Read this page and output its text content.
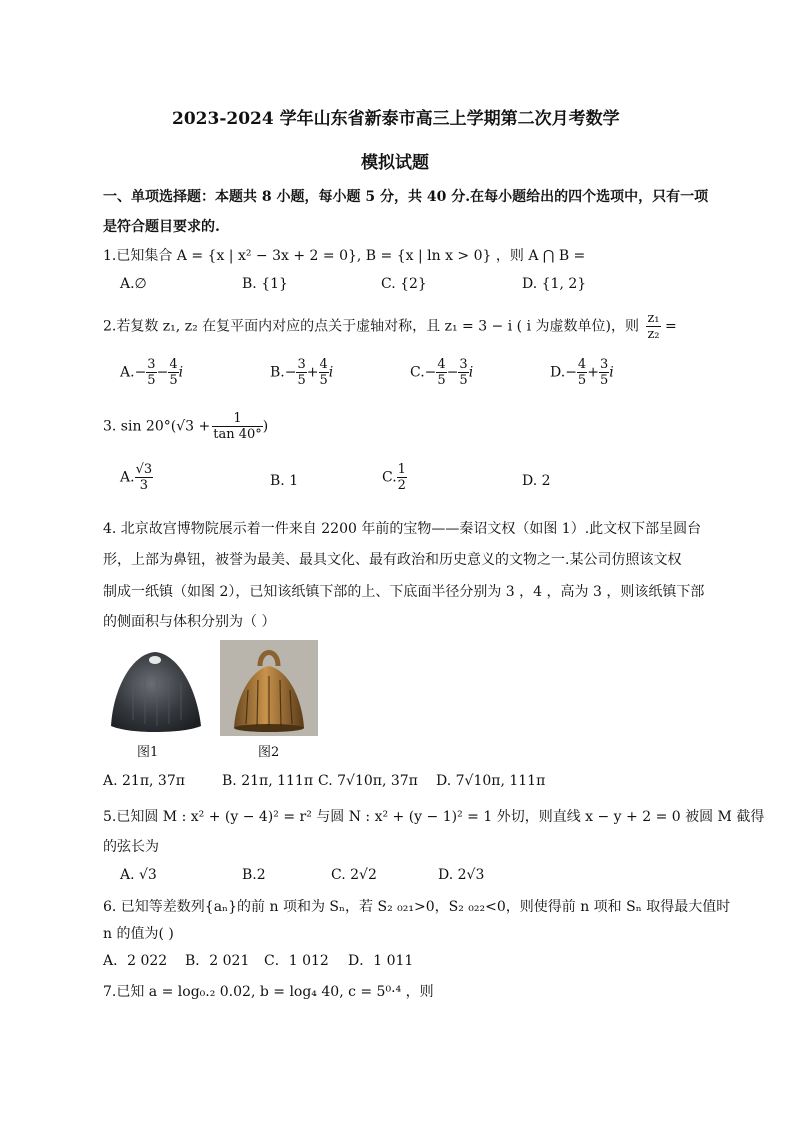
2023-2024 学年山东省新泰市高三上学期第二次月考数学
模拟试题
一、单项选择题：本题共 8 小题，每小题 5 分，共 40 分.在每小题给出的四个选项中，只有一项
是符合题目要求的.
1.已知集合 A = {x | x² − 3x + 2 = 0}, B = {x | ln x > 0} ，则 A ⋂ B =
A.∅	B. {1}	C. {2}	D. {1, 2}
2.若复数 z₁, z₂ 在复平面内对应的点关于虚轴对称，且 z₁ = 3 − i ( i 为虚数单位)，则 $\frac{\text{z₁}}{\text{z₂}}$ =
$A.- \frac{3}{5} - \frac{4}{5}$ i	$B.- \frac{3}{5} + \frac{4}{5}$ i	$C.- \frac{4}{5} - \frac{3}{5}$ i	$D.- \frac{4}{5} + \frac{3}{5}$ i
3. $\sin 20^\circ(√3 + \frac{1}{\tan 40^\circ}$ )
A. $\frac{√3}{3}$	B. 1	C. $\frac{1}{2}$	D. 2
4. 北京故宫博物院展示着一件来自 2200 年前的宝物——秦诏文权（如图 1）.此文权下部呈圆台
形，上部为鼻钮，被誉为最美、最具文化、最有政治和历史意义的文物之一.某公司仿照该文权
制成一纸镇（如图 2），已知该纸镇下部的上、下底面半径分别为 3 ，4 ，高为 3 ，则该纸镇下部
的侧面积与体积分别为（ ）
图1	图2
A. 21π, 37π	B. 21π, 111π C. 7√10π, 37π D. 7√10π, 111π
5.已知圆 M : x² + (y − 4)² = r² 与圆 N : x² + (y − 1)² = 1 外切，则直线 x − y + 2 = 0 被圆 M 截得
的弦长为
A. √3	B.2	C. 2√2	D. 2√3
6. 已知等差数列{aₙ}的前 n 项和为 Sₙ，若 S₂ ₀₂₁>0，S₂ ₀₂₂<0，则使得前 n 项和 Sₙ 取得最大值时
n 的值为( )
A．2 022 B．2 021 C．1 012 D．1 011
7.已知 a = log₀.₂ 0.02, b = log₄ 40, c = 5⁰·⁴ ，则
